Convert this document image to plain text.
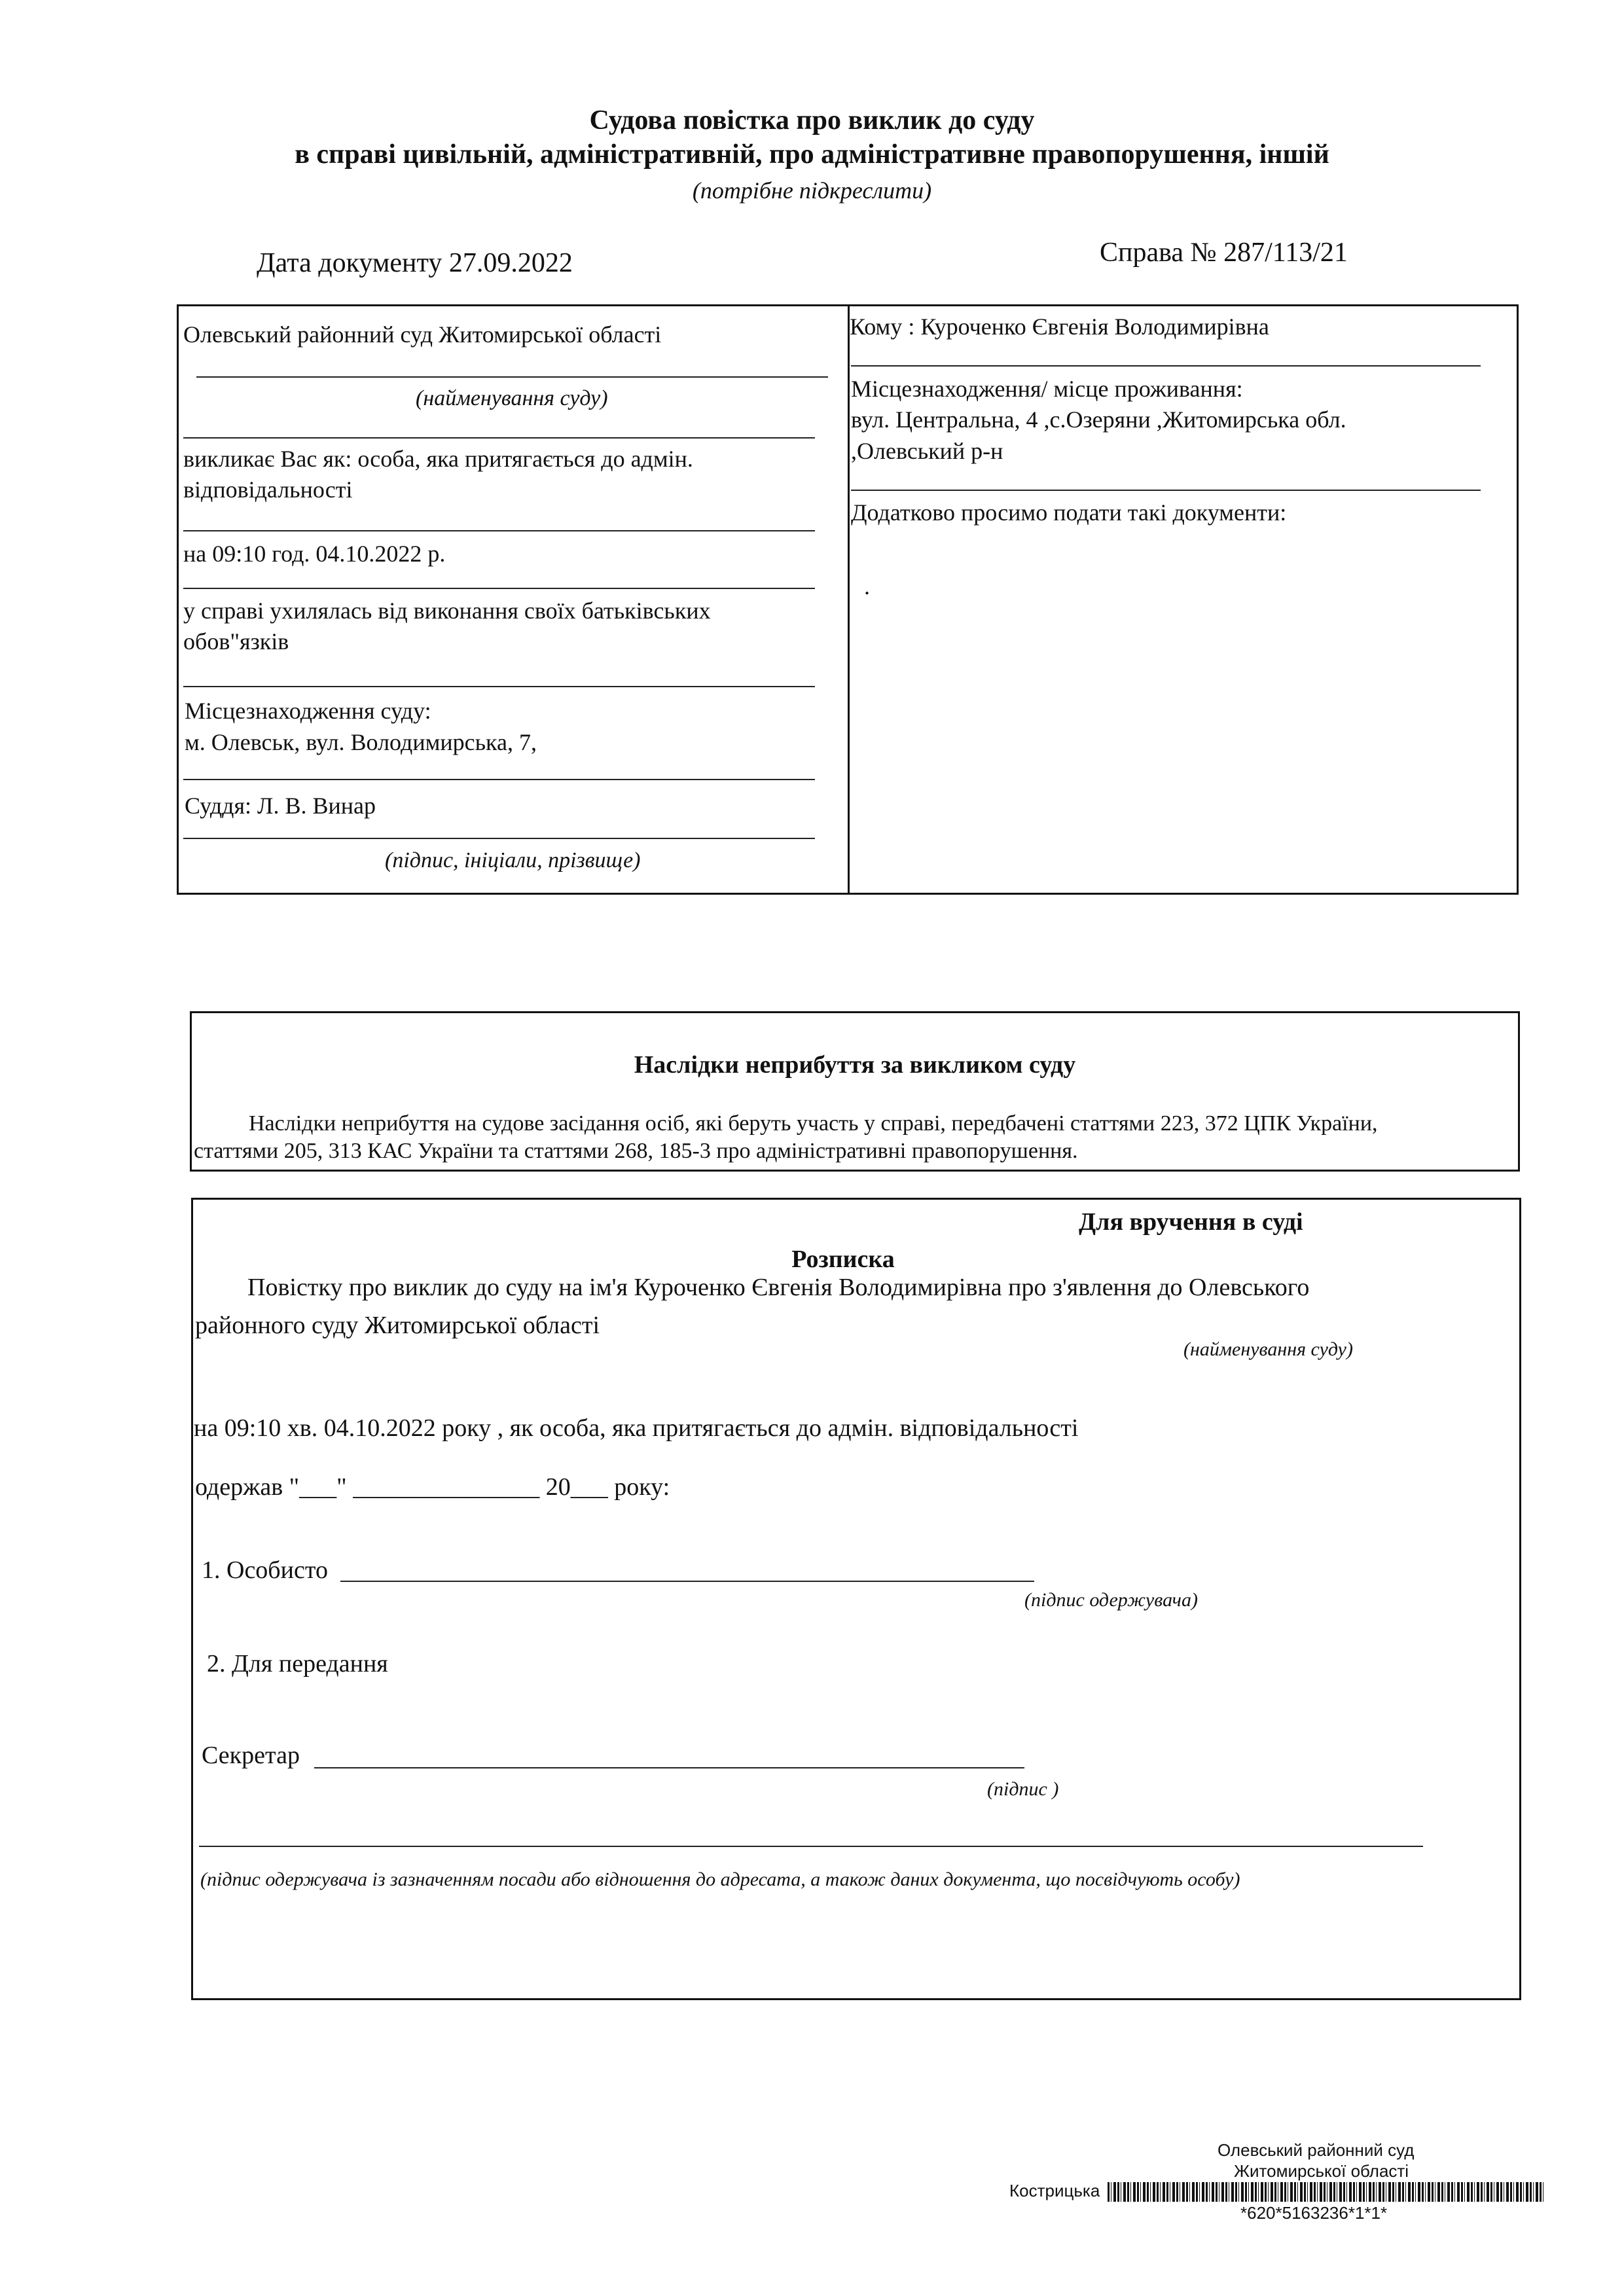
Судова повістка про виклик до суду
в справі цивільній, адміністративній, про адміністративне правопорушення, іншій
(потрібне підкреслити)
Дата документу 27.09.2022	Справа № 287/113/21
Олевський районний суд Житомирської області
(найменування суду)
викликає Вас як: особа, яка притягається до адмін. відповідальності
на 09:10 год. 04.10.2022 р.
у справі ухилялась від виконання своїх батьківських обов"язків
Місцезнаходження суду:
м. Олевськ, вул. Володимирська, 7,
Суддя: Л. В. Винар
(підпис, ініціали, прізвище)
Кому : Куроченко Євгенія Володимирівна
Місцезнаходження/ місце проживання:
вул. Центральна, 4 ,с.Озеряни ,Житомирська обл.
,Олевський р-н
Додатково просимо подати такі документи:
.
Наслідки неприбуття за викликом суду
Наслідки неприбуття на судове засідання осіб, які беруть участь у справі, передбачені статтями 223, 372 ЦПК України,
статтями 205, 313 КАС України та статтями 268, 185-3 про адміністративні правопорушення.
Для вручення в суді
Розписка
Повістку про виклик до суду на ім'я Куроченко Євгенія Володимирівна про з'явлення до Олевського
районного суду Житомирської області
(найменування суду)
на 09:10 хв. 04.10.2022 року , як особа, яка притягається до адмін. відповідальності
одержав "___" _______________ 20___ року:
1. Особисто
(підпис одержувача)
2. Для передання
Секретар
(підпис )
(підпис одержувача із зазначенням посади або відношення до адресата, а також даних документа, що посвідчують особу)
Олевський районний суд
Житомирської області
Кострицька
*620*5163236*1*1*
